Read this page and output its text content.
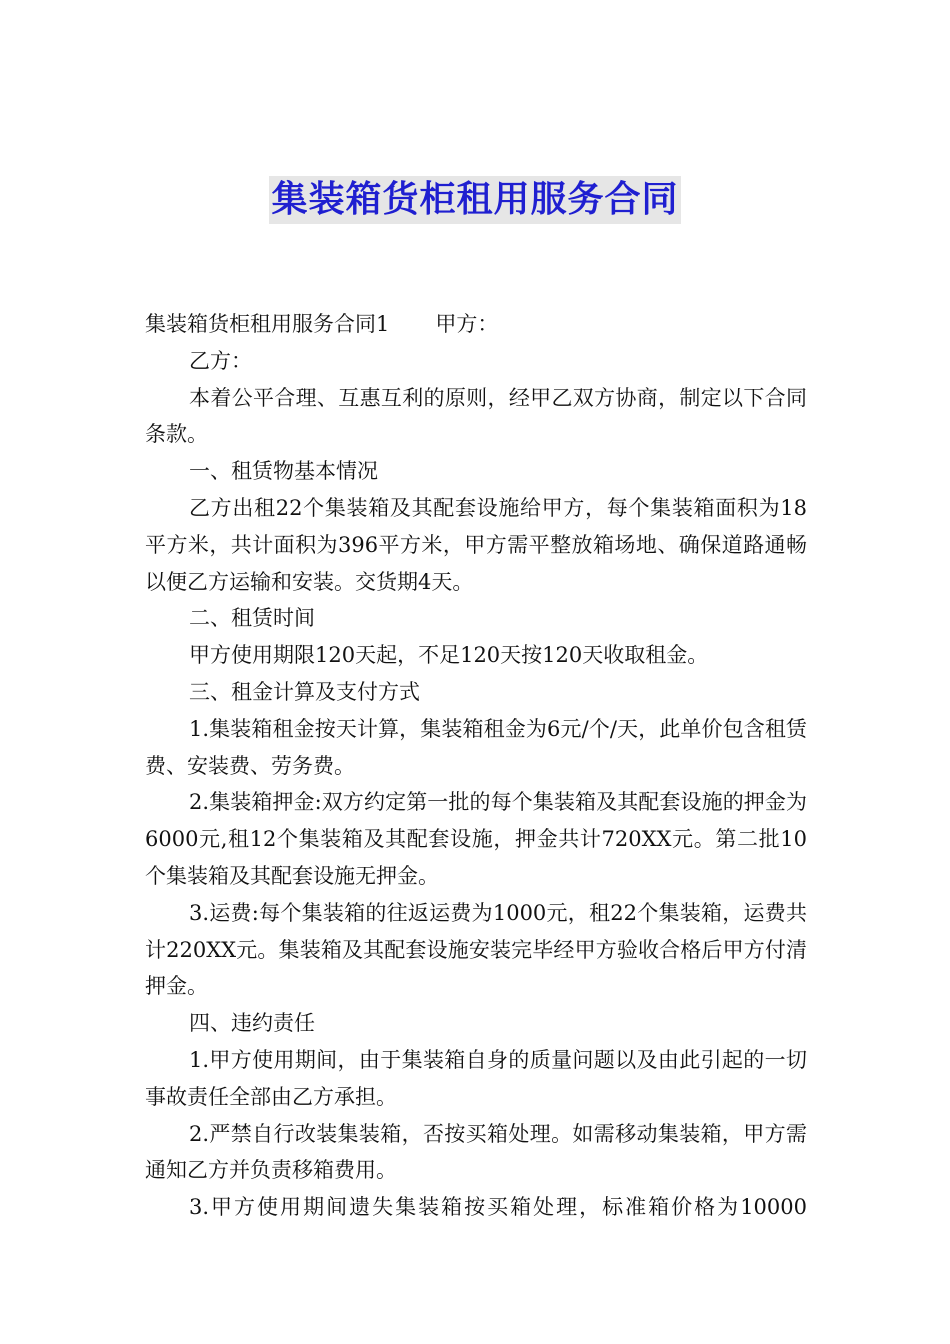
集装箱货柜租用服务合同

集装箱货柜租用服务合同1 甲方：

乙方：

本着公平合理、互惠互利的原则，经甲乙双方协商，制定以下合同条款。

一、租赁物基本情况

乙方出租22个集装箱及其配套设施给甲方，每个集装箱面积为18平方米，共计面积为396平方米，甲方需平整放箱场地、确保道路通畅以便乙方运输和安装。交货期4天。

二、租赁时间

甲方使用期限120天起，不足120天按120天收取租金。

三、租金计算及支付方式

1.集装箱租金按天计算，集装箱租金为6元/个/天，此单价包含租赁费、安装费、劳务费。

2.集装箱押金:双方约定第一批的每个集装箱及其配套设施的押金为6000元,租12个集装箱及其配套设施，押金共计720XX元。第二批10个集装箱及其配套设施无押金。

3.运费:每个集装箱的往返运费为1000元，租22个集装箱，运费共计220XX元。集装箱及其配套设施安装完毕经甲方验收合格后甲方付清押金。

四、违约责任

1.甲方使用期间，由于集装箱自身的质量问题以及由此引起的一切事故责任全部由乙方承担。

2.严禁自行改装集装箱，否按买箱处理。如需移动集装箱，甲方需通知乙方并负责移箱费用。

3.甲方使用期间遗失集装箱按买箱处理，标准箱价格为10000
